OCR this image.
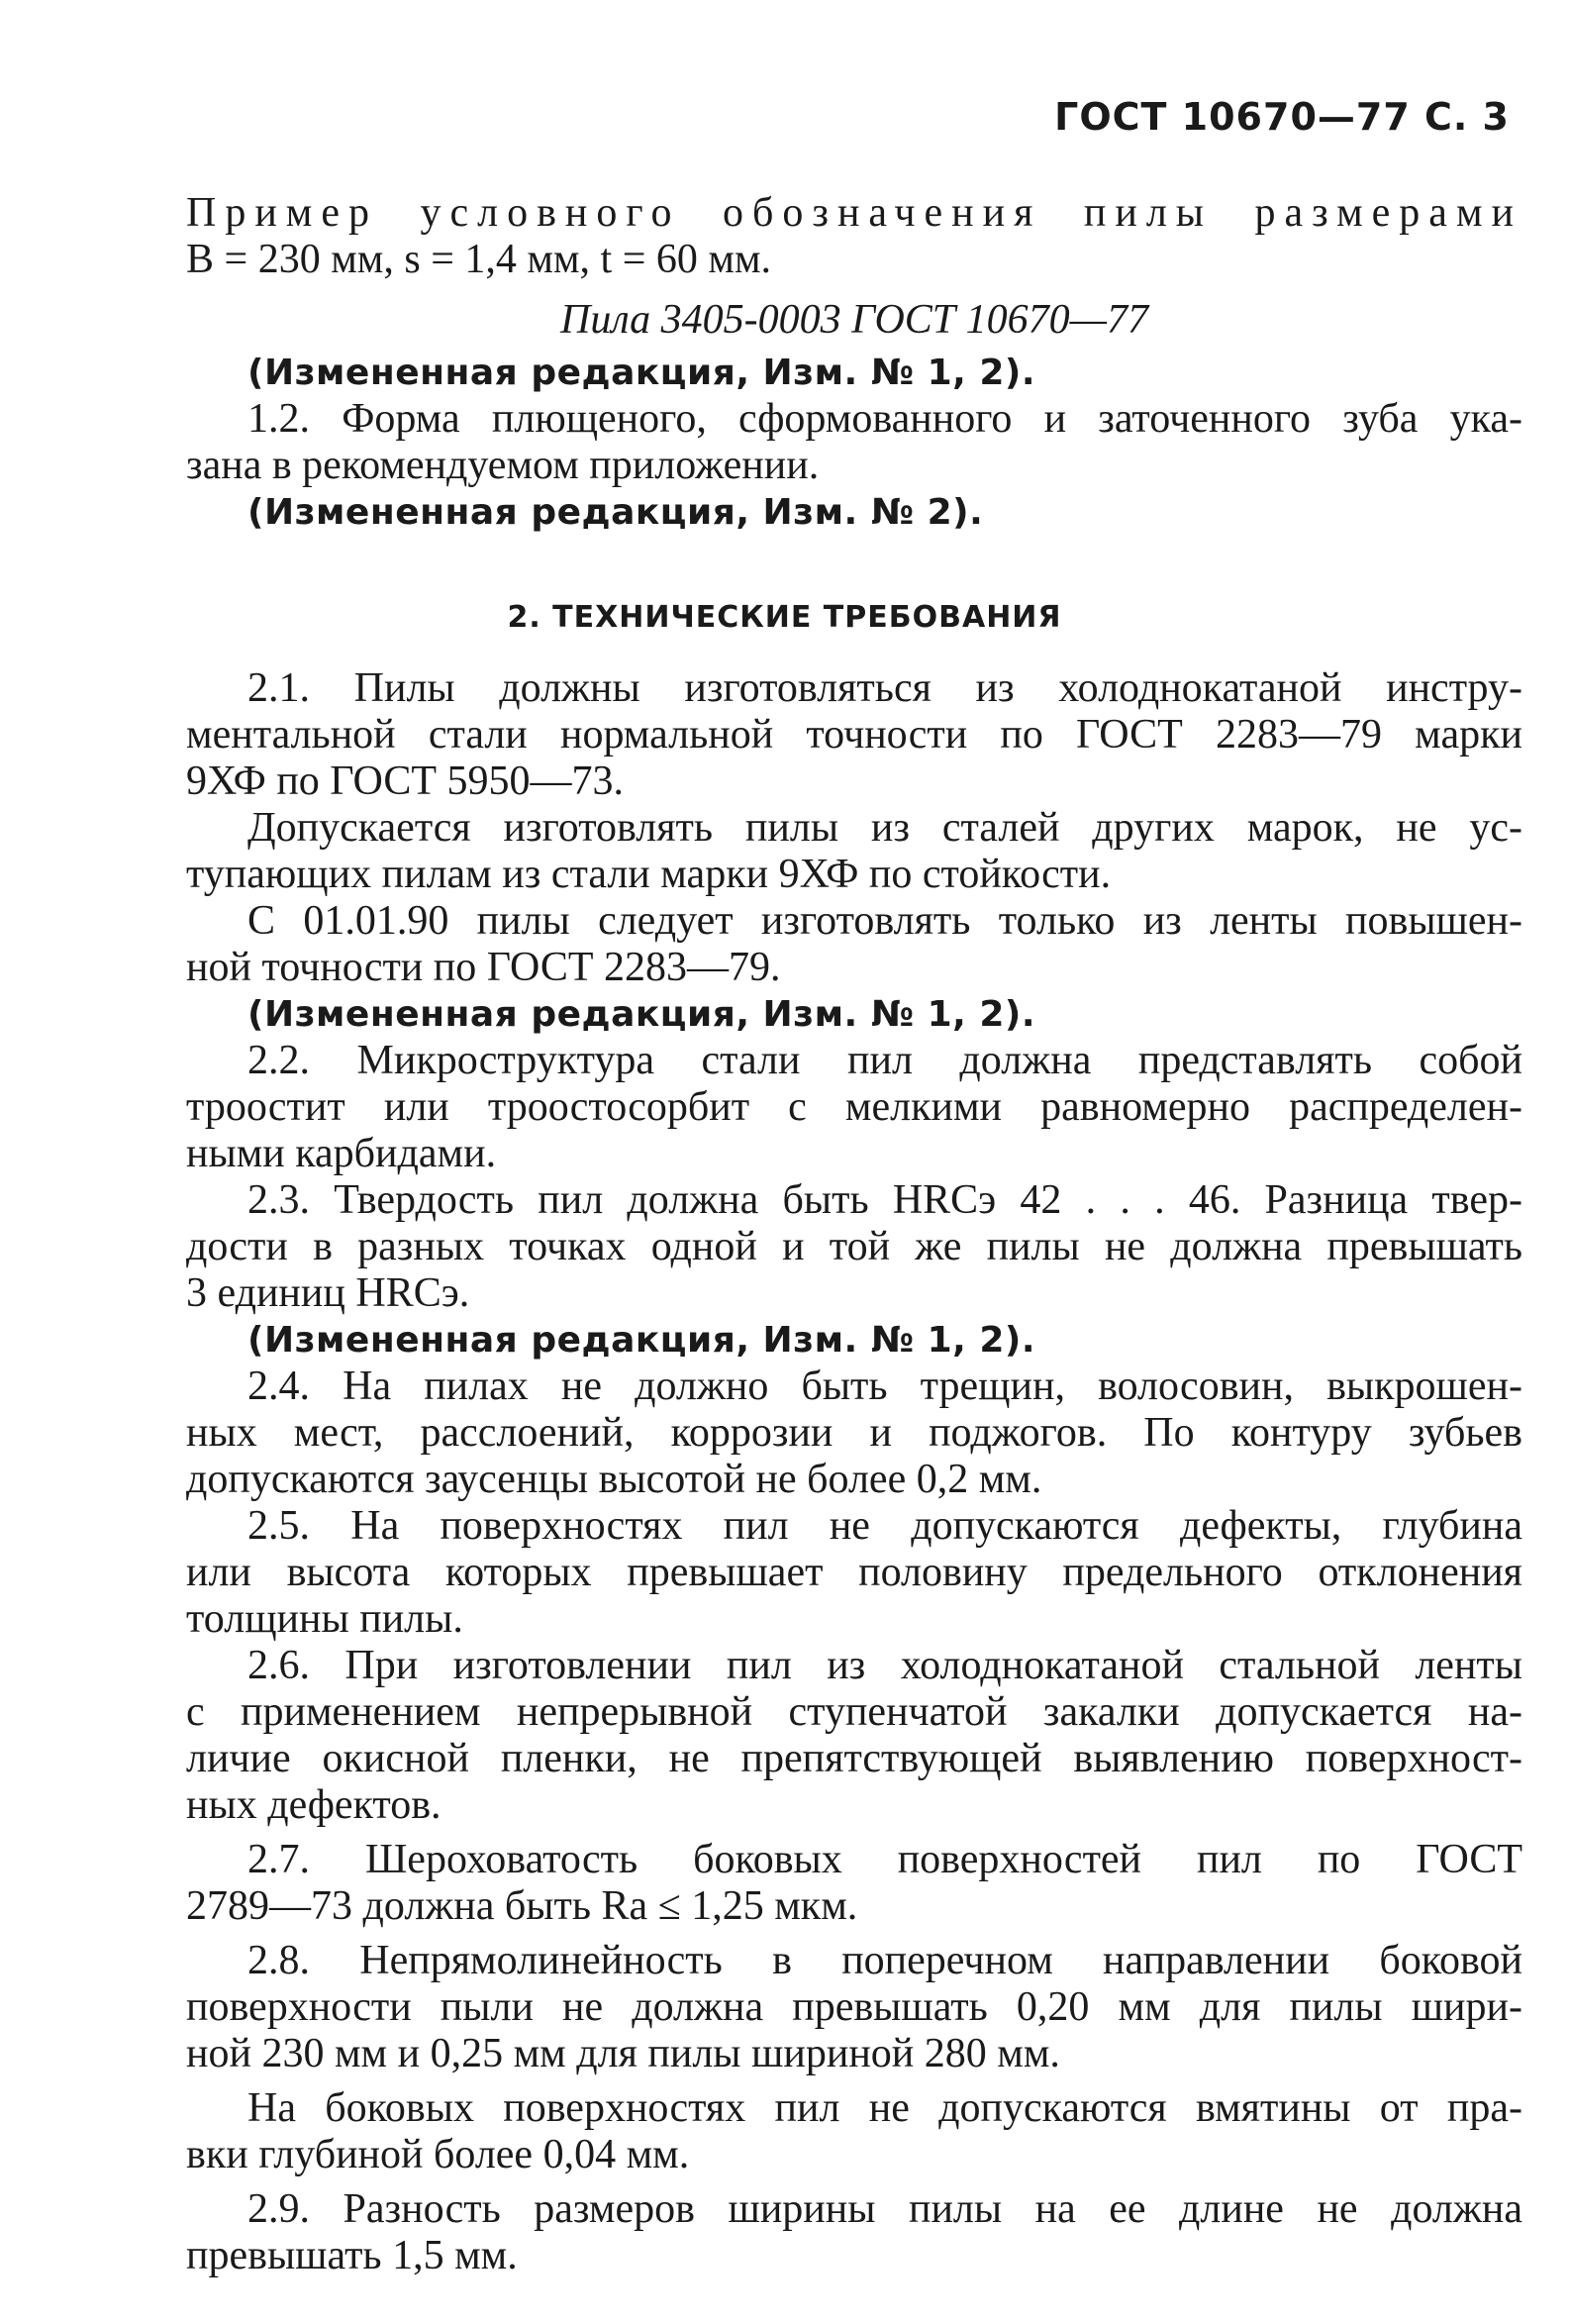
ГОСТ 10670—77 С. 3
Пример условного обозначения пилы размерами
B = 230 мм, s = 1,4 мм, t = 60 мм.
Пила 3405-0003 ГОСТ 10670—77
(Измененная редакция, Изм. № 1, 2).
1.2. Форма плющеного, сформованного и заточенного зуба ука-
зана в рекомендуемом приложении.
(Измененная редакция, Изм. № 2).
2. ТЕХНИЧЕСКИЕ ТРЕБОВАНИЯ
2.1. Пилы должны изготовляться из холоднокатаной инстру-
ментальной стали нормальной точности по ГОСТ 2283—79 марки
9ХФ по ГОСТ 5950—73.
Допускается изготовлять пилы из сталей других марок, не ус-
тупающих пилам из стали марки 9ХФ по стойкости.
С 01.01.90 пилы следует изготовлять только из ленты повышен-
ной точности по ГОСТ 2283—79.
(Измененная редакция, Изм. № 1, 2).
2.2. Микроструктура стали пил должна представлять собой
троостит или троостосорбит с мелкими равномерно распределен-
ными карбидами.
2.3. Твердость пил должна быть HRCэ 42 . . . 46. Разница твер-
дости в разных точках одной и той же пилы не должна превышать
3 единиц HRCэ.
(Измененная редакция, Изм. № 1, 2).
2.4. На пилах не должно быть трещин, волосовин, выкрошен-
ных мест, расслоений, коррозии и поджогов. По контуру зубьев
допускаются заусенцы высотой не более 0,2 мм.
2.5. На поверхностях пил не допускаются дефекты, глубина
или высота которых превышает половину предельного отклонения
толщины пилы.
2.6. При изготовлении пил из холоднокатаной стальной ленты
с применением непрерывной ступенчатой закалки допускается на-
личие окисной пленки, не препятствующей выявлению поверхност-
ных дефектов.
2.7. Шероховатость боковых поверхностей пил по ГОСТ
2789—73 должна быть Ra ≤ 1,25 мкм.
2.8. Непрямолинейность в поперечном направлении боковой
поверхности пыли не должна превышать 0,20 мм для пилы шири-
ной 230 мм и 0,25 мм для пилы шириной 280 мм.
На боковых поверхностях пил не допускаются вмятины от пра-
вки глубиной более 0,04 мм.
2.9. Разность размеров ширины пилы на ее длине не должна
превышать 1,5 мм.
